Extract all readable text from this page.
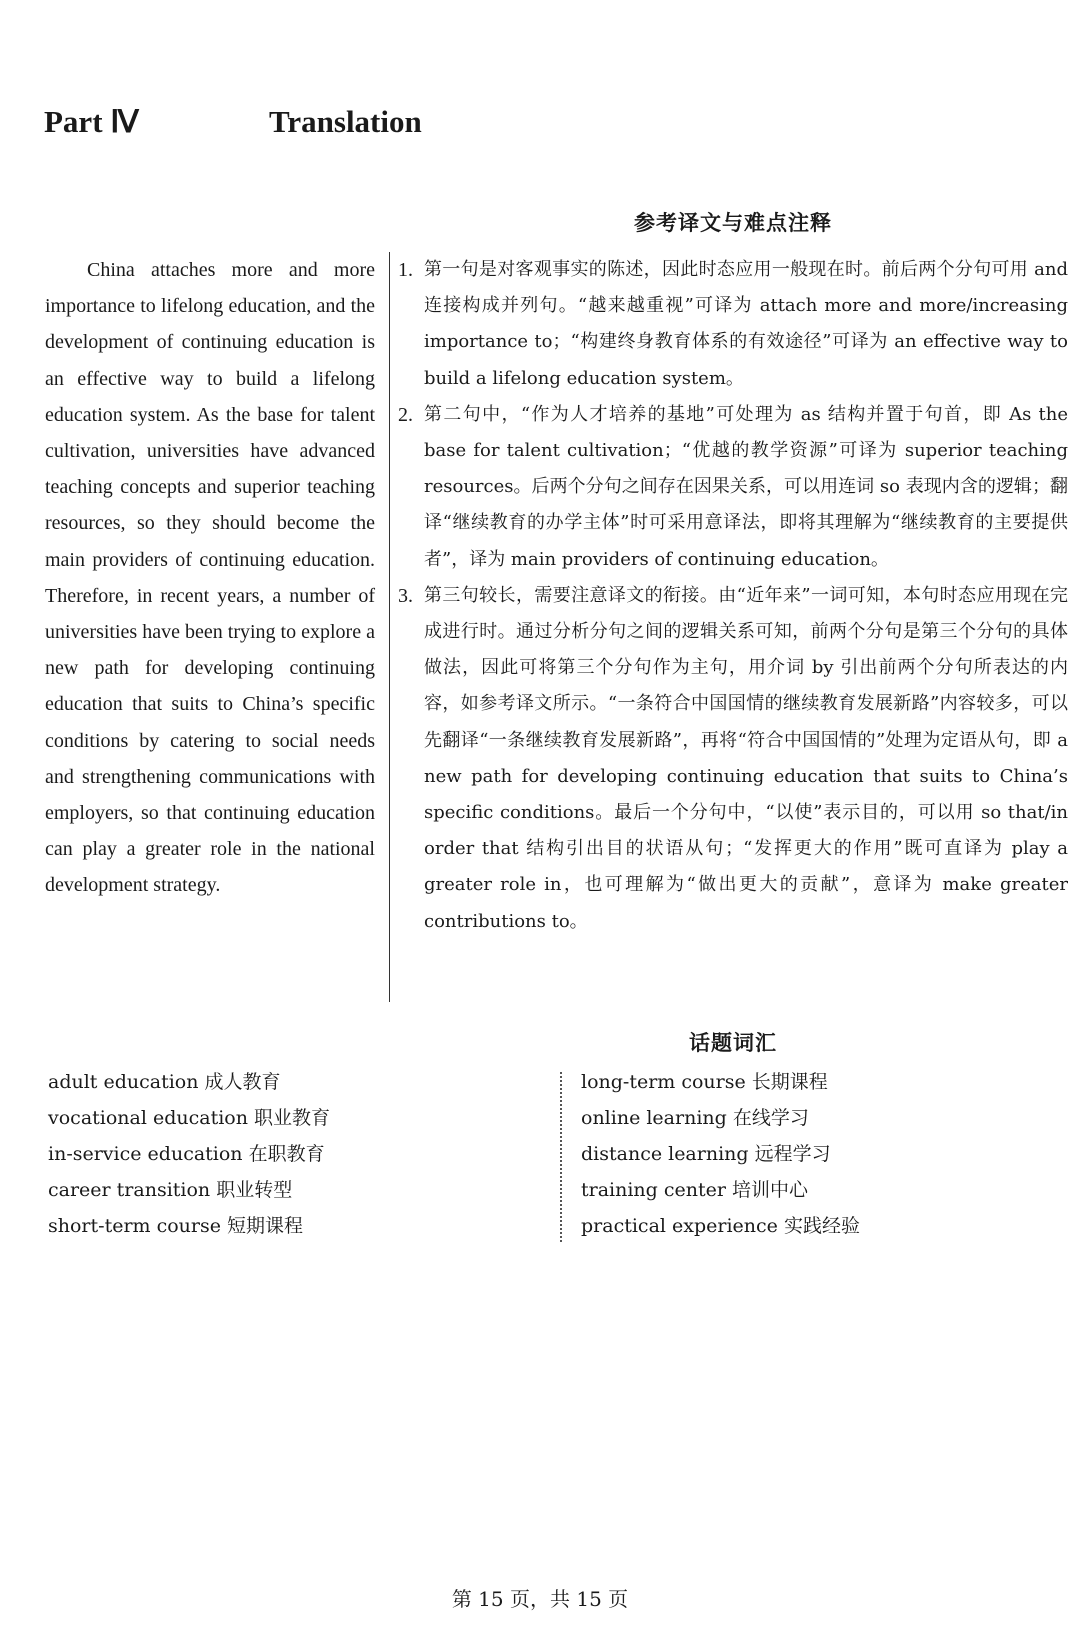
Part Ⅳ	Translation
参考译文与难点注释

China attaches more and more importance to lifelong education, and the development of continuing education is an effective way to build a lifelong education system. As the base for talent cultivation, universities have advanced teaching concepts and superior teaching resources, so they should become the main providers of continuing education. Therefore, in recent years, a number of universities have been trying to explore a new path for developing continuing education that suits to China’s specific conditions by catering to social needs and strengthening communications with employers, so that continuing education can play a greater role in the national development strategy.

1. 第一句是对客观事实的陈述，因此时态应用一般现在时。前后两个分句可用 and 连接构成并列句。“越来越重视”可译为 attach more and more/increasing importance to；“构建终身教育体系的有效途径”可译为 an effective way to build a lifelong education system。
2. 第二句中，“作为人才培养的基地”可处理为 as 结构并置于句首，即 As the base for talent cultivation；“优越的教学资源”可译为 superior teaching resources。后两个分句之间存在因果关系，可以用连词 so 表现内含的逻辑；翻译“继续教育的办学主体”时可采用意译法，即将其理解为“继续教育的主要提供者”，译为 main providers of continuing education。
3. 第三句较长，需要注意译文的衔接。由“近年来”一词可知，本句时态应用现在完成进行时。通过分析分句之间的逻辑关系可知，前两个分句是第三个分句的具体做法，因此可将第三个分句作为主句，用介词 by 引出前两个分句所表达的内容，如参考译文所示。“一条符合中国国情的继续教育发展新路”内容较多，可以先翻译“一条继续教育发展新路”，再将“符合中国国情的”处理为定语从句，即 a new path for developing continuing education that suits to China’s specific conditions。最后一个分句中，“以使”表示目的，可以用 so that/in order that 结构引出目的状语从句；“发挥更大的作用”既可直译为 play a greater role in，也可理解为“做出更大的贡献”，意译为 make greater contributions to。
话题词汇
adult education 成人教育
vocational education 职业教育
in-service education 在职教育
career transition 职业转型
short-term course 短期课程
long-term course 长期课程
online learning 在线学习
distance learning 远程学习
training center 培训中心
practical experience 实践经验
第 15 页，共 15 页
